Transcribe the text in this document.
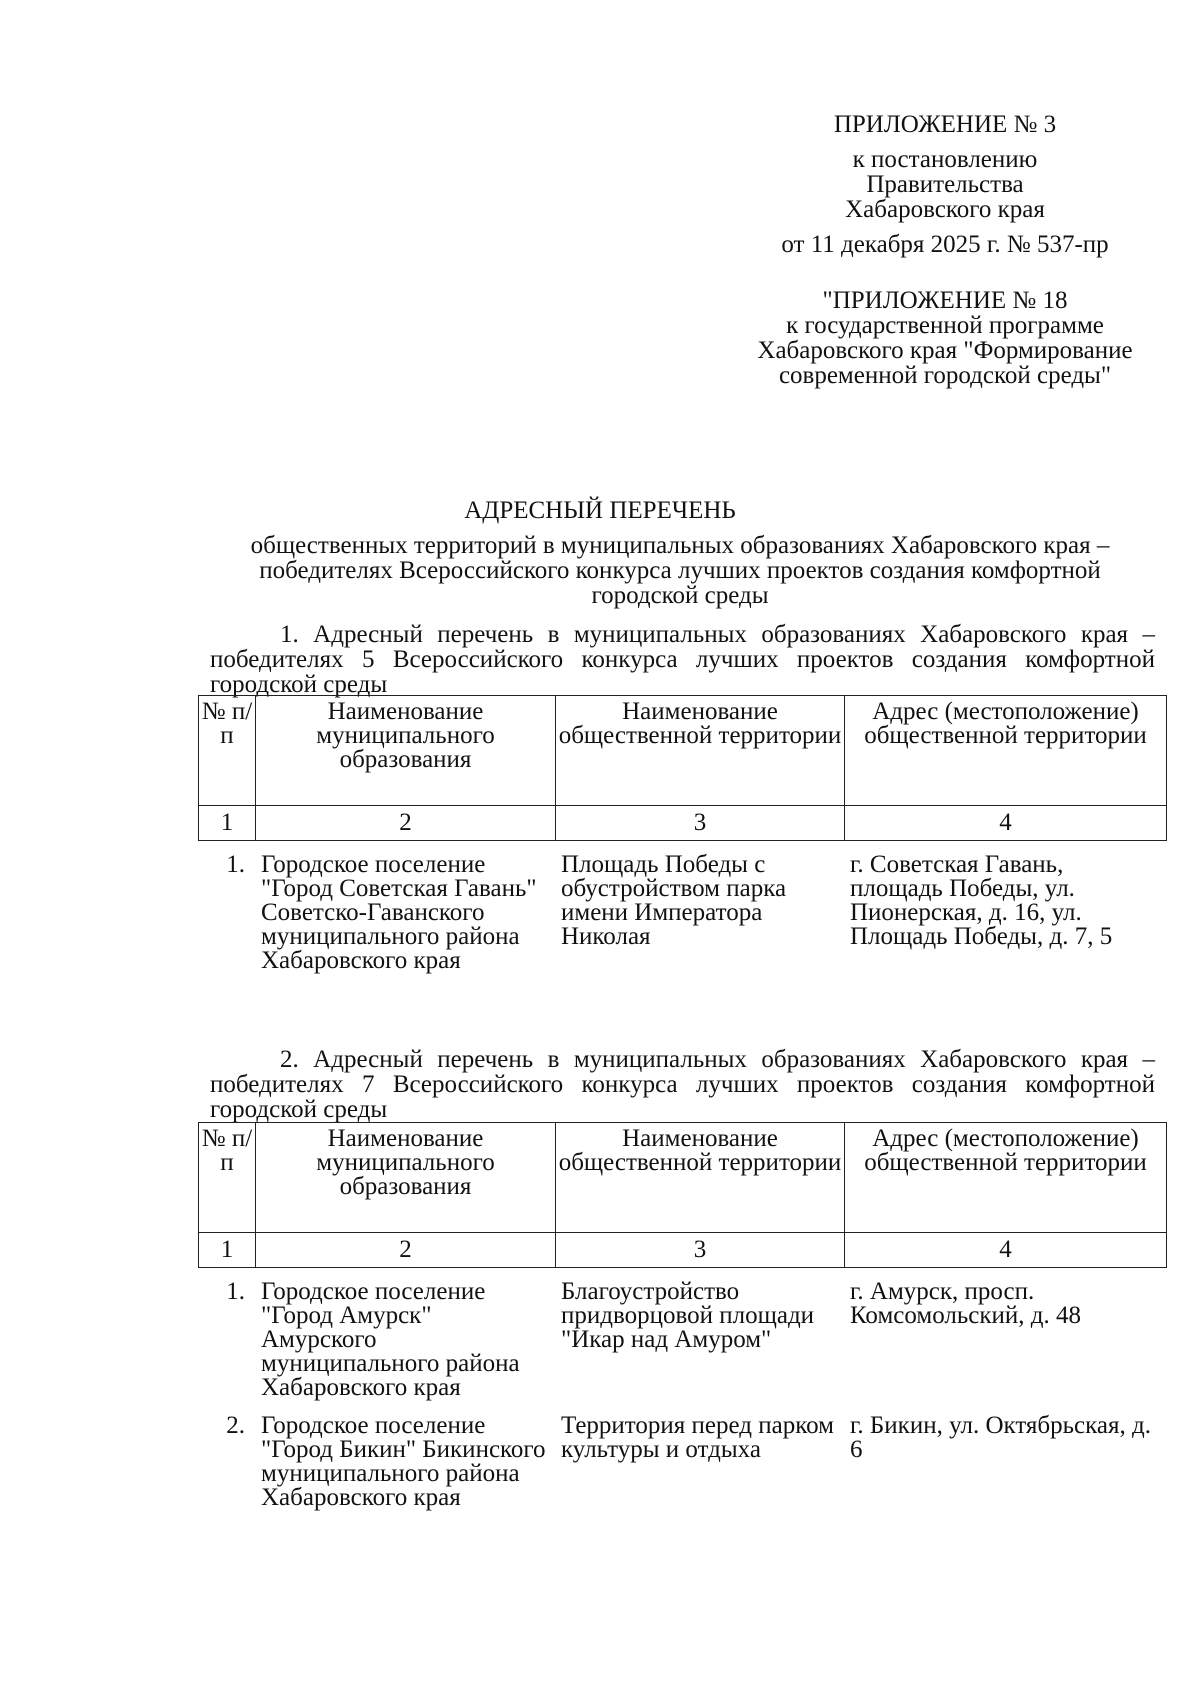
ПРИЛОЖЕНИЕ № 3
к постановлению
Правительства
Хабаровского края
от 11 декабря 2025 г. № 537-пр
"ПРИЛОЖЕНИЕ № 18
к государственной программе
Хабаровского края "Формирование
современной городской среды"
АДРЕСНЫЙ ПЕРЕЧЕНЬ
общественных территорий в муниципальных образованиях Хабаровского края – победителях Всероссийского конкурса лучших проектов создания комфортной городской среды
1. Адресный перечень в муниципальных образованиях Хабаровского края – победителях 5 Всероссийского конкурса лучших проектов создания комфортной городской среды
№ п/п	Наименование муниципального образования	Наименование общественной территории	Адрес (местоположение) общественной территории
1	2	3	4
1.	Городское поселение "Город Советская Гавань" Советско-Гаванского муниципального района Хабаровского края	Площадь Победы с обустройством парка имени Императора Николая	г. Советская Гавань, площадь Победы, ул. Пионерская, д. 16, ул. Площадь Победы, д. 7, 5
2. Адресный перечень в муниципальных образованиях Хабаровского края – победителях 7 Всероссийского конкурса лучших проектов создания комфортной городской среды
№ п/п	Наименование муниципального образования	Наименование общественной территории	Адрес (местоположение) общественной территории
1	2	3	4
1.	Городское поселение "Город Амурск" Амурского муниципального района Хабаровского края	Благоустройство придворцовой площади "Икар над Амуром"	г. Амурск, просп. Комсомольский, д. 48
2.	Городское поселение "Город Бикин" Бикинского муниципального района Хабаровского края	Территория перед парком культуры и отдыха	г. Бикин, ул. Октябрьская, д. 6
